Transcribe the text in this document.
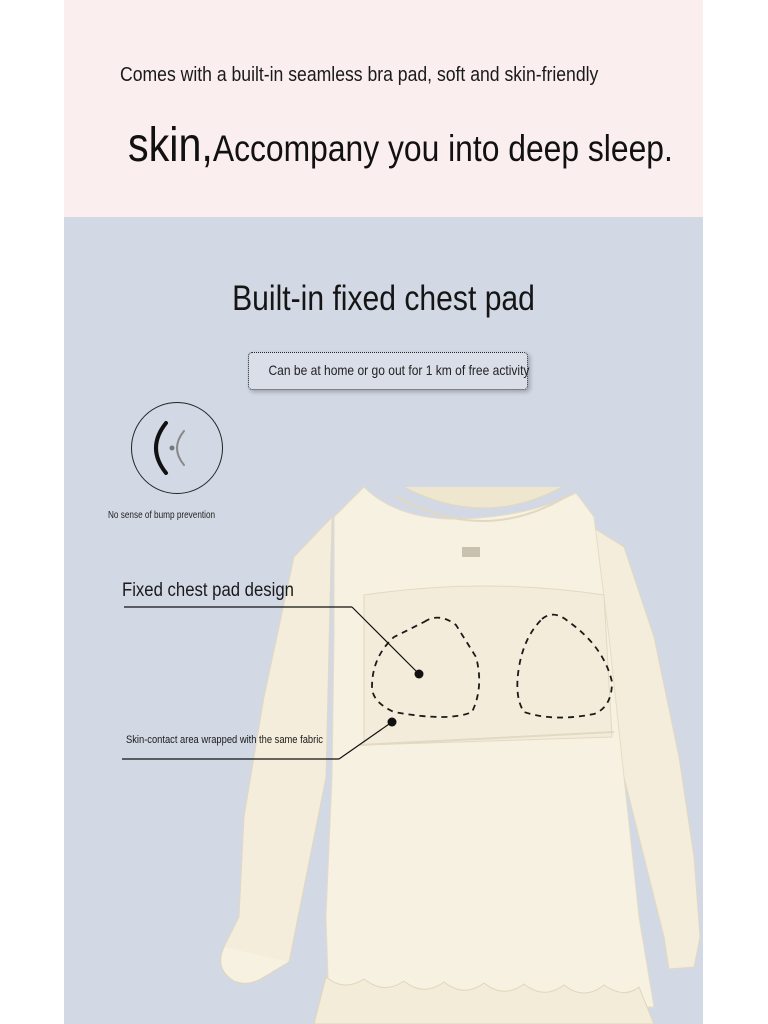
Comes with a built-in seamless bra pad, soft and skin-friendly
skin,Accompany you into deep sleep.
Built-in fixed chest pad
Can be at home or go out for 1 km of free activity
No sense of bump prevention
Fixed chest pad design
Skin-contact area wrapped with the same fabric
